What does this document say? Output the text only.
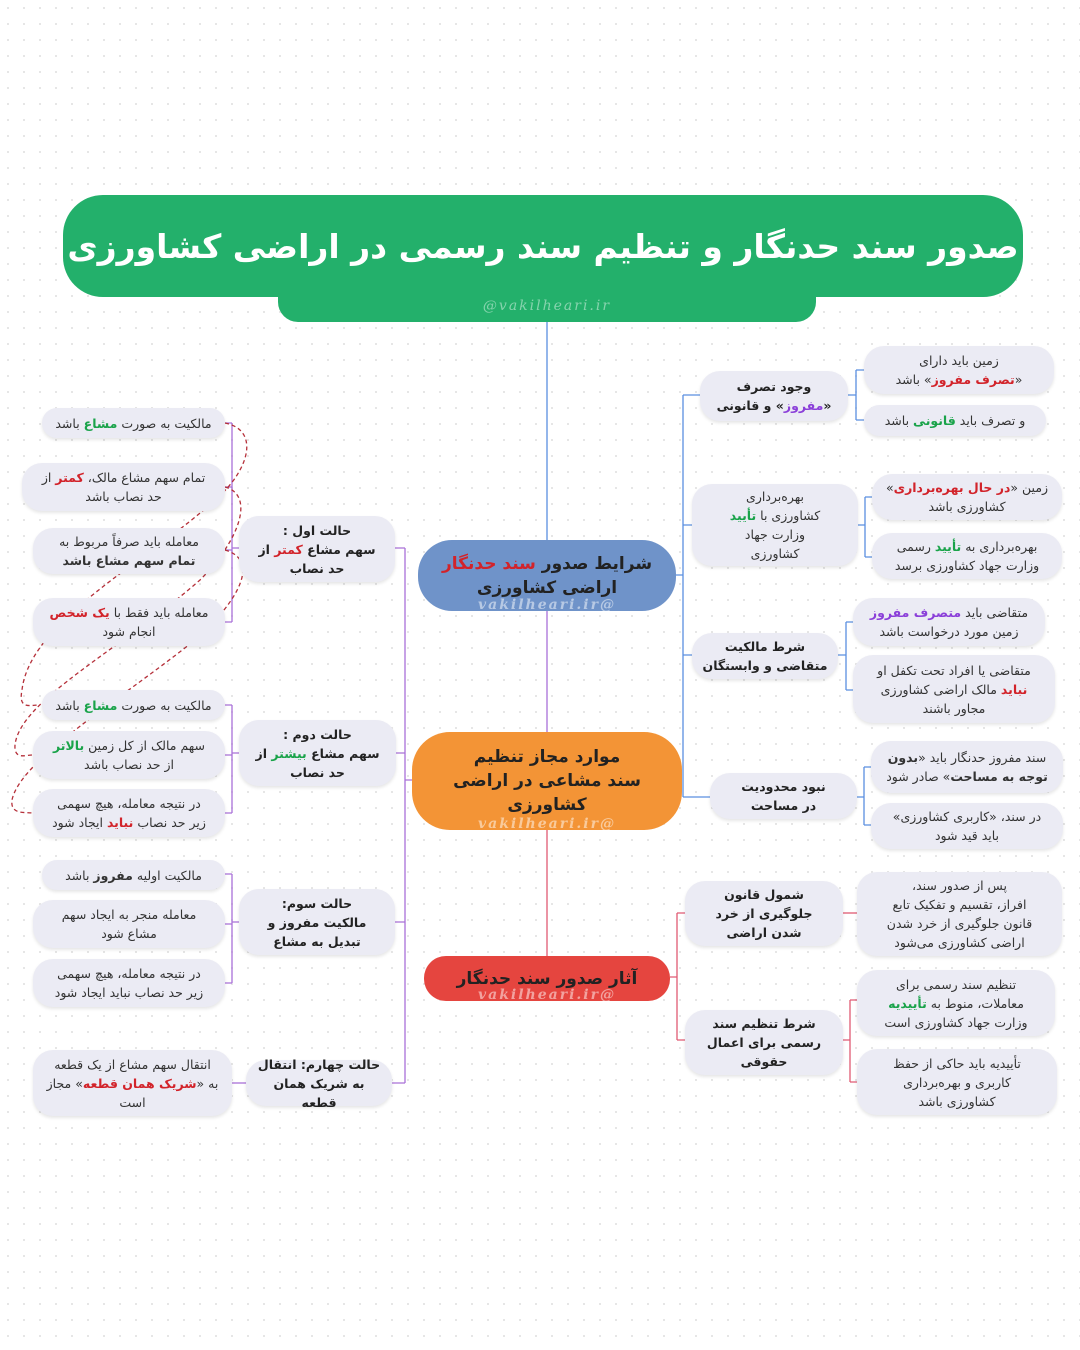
صدور سند حدنگار و تنظیم سند رسمی در اراضی کشاورزی
@vakilheari.ir
شرایط صدور سند حدنگار
اراضی کشاورزی
@vakilheari.ir
موارد مجاز تنظیم
سند مشاعی در اراضی
کشاورزی
@vakilheari.ir
آثار صدور سند حدنگار
@vakilheari.ir
وجود تصرف
«مفروز» و قانونی
زمین باید دارای
«تصرف مفروز» باشد
و تصرف باید قانونی باشد
بهره‌برداری
کشاورزی با تأیید
وزارت جهاد
کشاورزی
زمین «در حال بهره‌برداری»
کشاورزی باشد
بهره‌برداری به تأیید رسمی
وزارت جهاد کشاورزی برسد
شرط مالکیت
متقاضی و وابستگان
متقاضی باید متصرف مفروز
زمین مورد درخواست باشد
متقاضی یا افراد تحت تکفل او
نباید مالک اراضی کشاورزی
مجاور باشند
نبود محدودیت
در مساحت
سند مفروز حدنگار باید «بدون
توجه به مساحت» صادر شود
در سند، «کاربری کشاورزی»
باید قید شود
شمول قانون
جلوگیری از خرد
شدن اراضی
پس از صدور سند،
افراز، تقسیم و تفکیک تابع
قانون جلوگیری از خرد شدن
اراضی کشاورزی می‌شود
شرط تنظیم سند
رسمی برای اعمال
حقوقی
تنظیم سند رسمی برای
معاملات، منوط به تأییدیه
وزارت جهاد کشاورزی است
تأییدیه باید حاکی از حفظ
کاربری و بهره‌برداری
کشاورزی باشد
حالت اول :
سهم مشاع کمتر از
حد نصاب
مالکیت به صورت مشاع باشد
تمام سهم مشاع مالک، کمتر از
حد نصاب باشد
معامله باید صرفاً مربوط به
تمام سهم مشاع باشد
معامله باید فقط با یک شخص
انجام شود
حالت دوم :
سهم مشاع بیشتر از
حد نصاب
مالکیت به صورت مشاع باشد
سهم مالک از کل زمین بالاتر
از حد نصاب باشد
در نتیجه معامله، هیچ سهمی
زیر حد نصاب نباید ایجاد شود
حالت سوم:
مالکیت مفروز و
تبدیل به مشاع
مالکیت اولیه مفروز باشد
معامله منجر به ایجاد سهم
مشاع شود
در نتیجه معامله، هیچ سهمی
زیر حد نصاب نباید ایجاد شود
حالت چهارم: انتقال
به شریک همان قطعه
انتقال سهم مشاع از یک قطعه
به «شریک همان قطعه» مجاز
است
